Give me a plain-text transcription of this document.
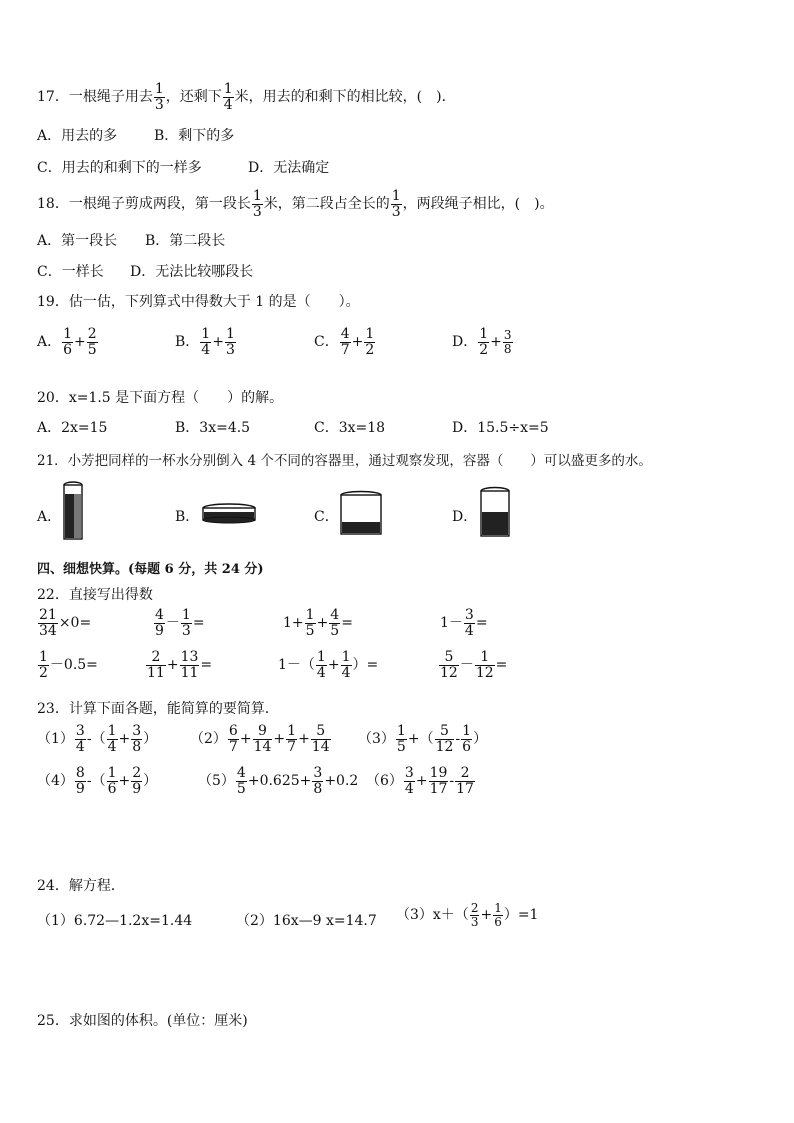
17．一根绳子用去 $\frac{1}{3}$ ，还剩下 $\frac{1}{4}$ 米，用去的和剩下的相比较，(　)．
A．用去的多	B．剩下的多
C．用去的和剩下的一样多	D．无法确定
18．一根绳子剪成两段，第一段长 $\frac{1}{3}$ 米，第二段占全长的 $\frac{1}{3}$ ，两段绳子相比，(　)。
A．第一段长 B．第二段长
C．一样长 D．无法比较哪段长
19．估一估，下列算式中得数大于 1 的是（　　）。
A． $\frac{1}{6} + \frac{2}{5}$	B． $\frac{1}{4} + \frac{1}{3}$	C． $\frac{4}{7} + \frac{1}{2}$	D． $\frac{1}{2} + \frac{3}{8}$
20．x=1.5 是下面方程（　　）的解。
A．2x=15	B．3x=4.5	C．3x=18	D．15.5÷x=5
21．小芳把同样的一杯水分别倒入 4 个不同的容器里，通过观察发现，容器（　　）可以盛更多的水。
A．	B．	C．	D．
四、细想快算。(每题 6 分，共 24 分)
22．直接写出得数
$\frac{21}{34} \times 0=$	$\frac{4}{9} - \frac{1}{3}$ =	$1+ \frac{1}{5} + \frac{4}{5}$ =	$1- \frac{3}{4}$ =
$\frac{1}{2} -0.5=$	$\frac{2}{11} + \frac{13}{11}$ =	$1-( \frac{1}{4} + \frac{1}{4}$ ）=	$\frac{5}{12} - \frac{1}{12}$ =
23．计算下面各题，能简算的要简算．
$(1) \frac{3}{4}$ -（ $\frac{1}{4} + \frac{3}{8}$ ） $(2) \frac{6}{7} + \frac{9}{14} + \frac{1}{7} + \frac{5}{14} (3) \frac{1}{5}$ +（ $\frac{5}{12} - \frac{1}{6}$ ）
$(4) \frac{8}{9}$ -（ $\frac{1}{6} + \frac{2}{9}$ ）	$(5) \frac{4}{5} +0.625+ \frac{3}{8} +0.2$ $(6) \frac{3}{4} + \frac{19}{17} - \frac{2}{17}$
24．解方程．
（1）6.72—1.2x=1.44	（2）16x—9 x=14.7 $(3)x+( \frac{2}{3} + \frac{1}{6} )=1$
25．求如图的体积。(单位：厘米)
